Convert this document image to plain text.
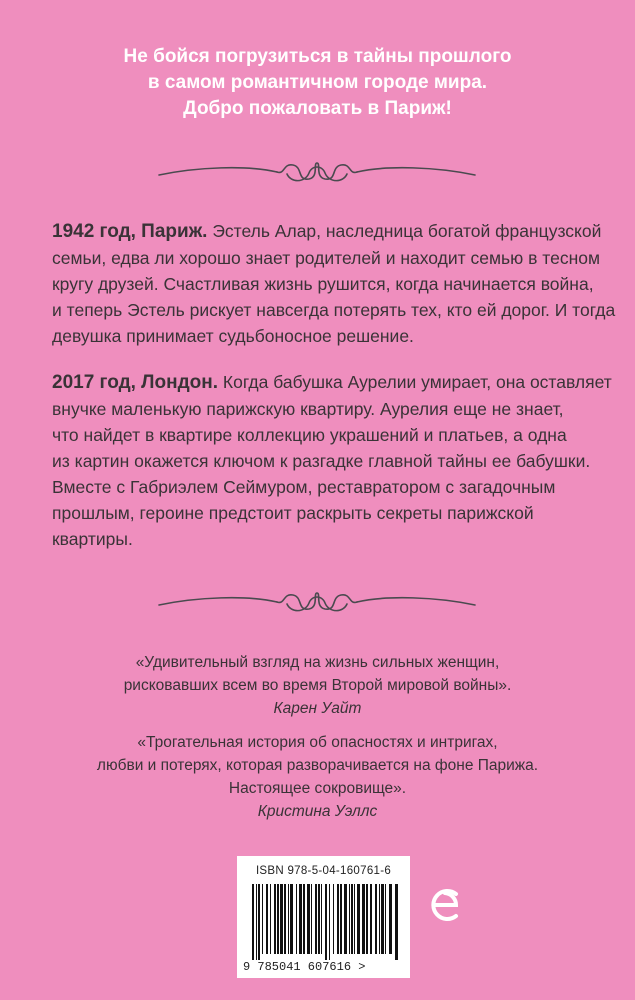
Не бойся погрузиться в тайны прошлого
в самом романтичном городе мира.
Добро пожаловать в Париж!
1942 год, Париж. Эстель Алар, наследница богатой французской
семьи, едва ли хорошо знает родителей и находит семью в тесном
кругу друзей. Счастливая жизнь рушится, когда начинается война,
и теперь Эстель рискует навсегда потерять тех, кто ей дорог. И тогда
девушка принимает судьбоносное решение.
2017 год, Лондон. Когда бабушка Аурелии умирает, она оставляет
внучке маленькую парижскую квартиру. Аурелия еще не знает,
что найдет в квартире коллекцию украшений и платьев, а одна
из картин окажется ключом к разгадке главной тайны ее бабушки.
Вместе с Габриэлем Сеймуром, реставратором с загадочным
прошлым, героине предстоит раскрыть секреты парижской
квартиры.
«Удивительный взгляд на жизнь сильных женщин,
рисковавших всем во время Второй мировой войны».
Карен Уайт
«Трогательная история об опасностях и интригах,
любви и потерях, которая разворачивается на фоне Парижа.
Настоящее сокровище».
Кристина Уэллс
ISBN 978-5-04-160761-6
9 785041 607616 >
